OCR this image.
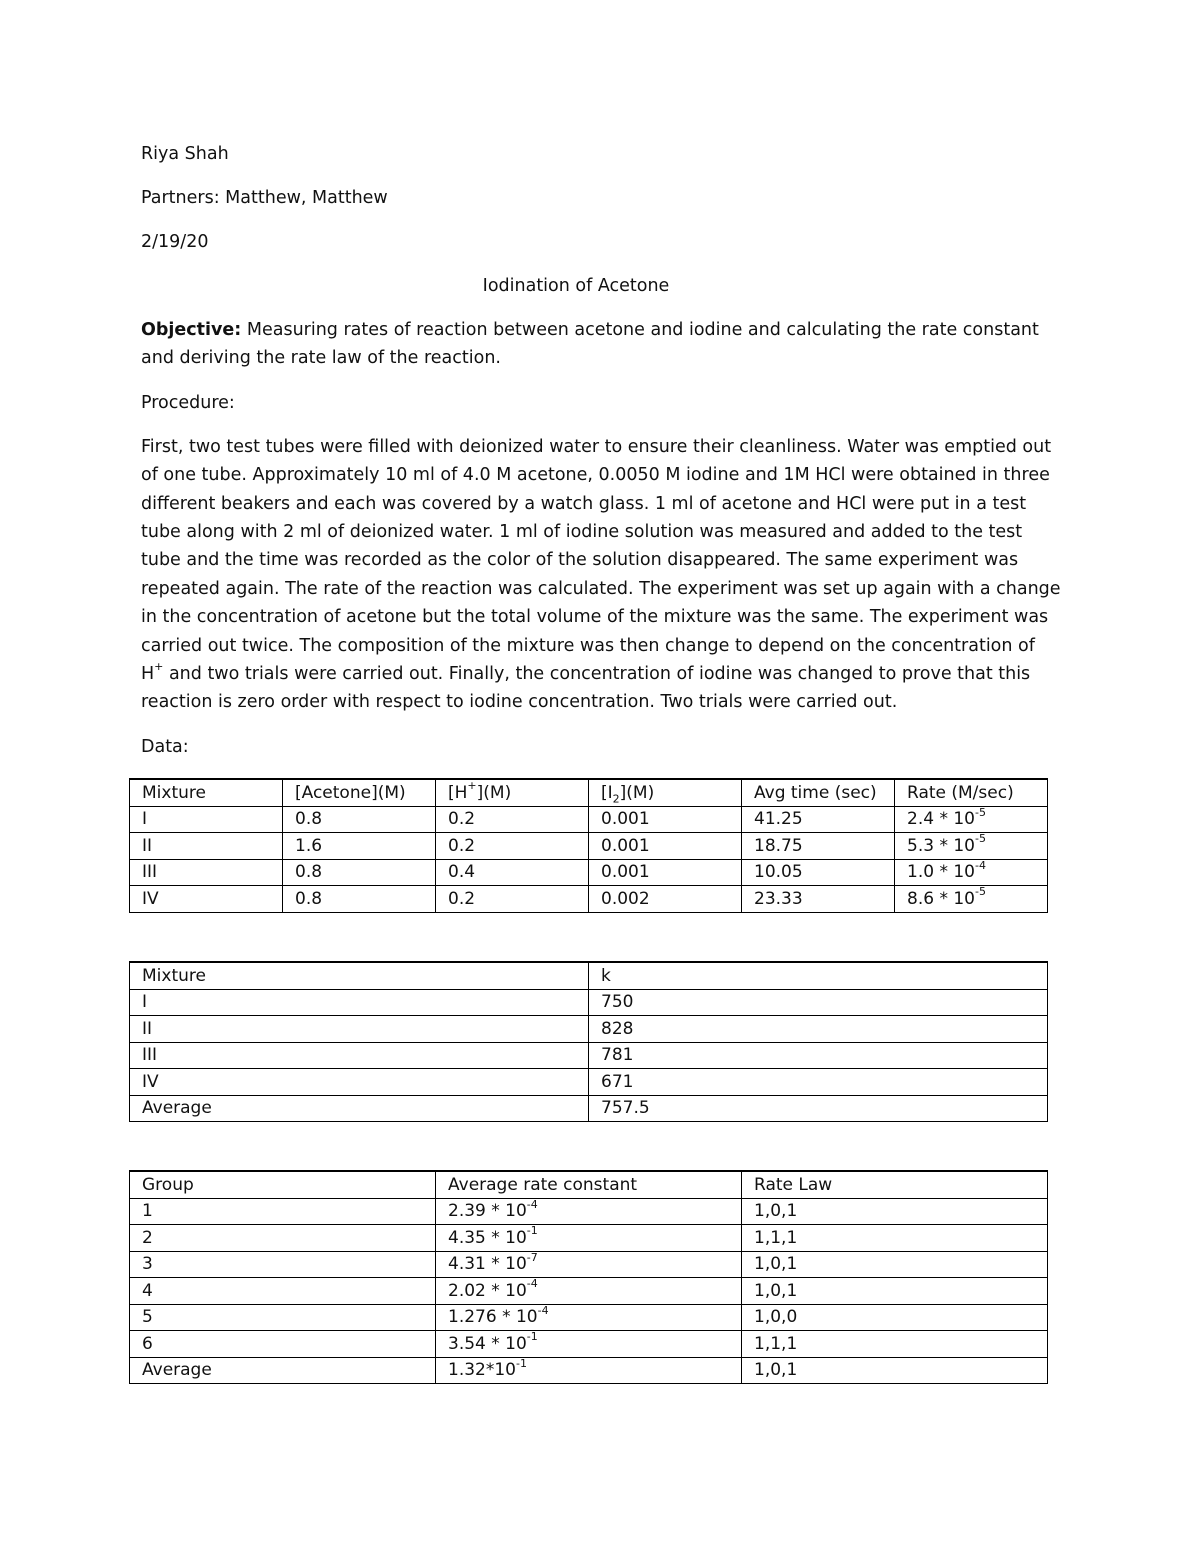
Riya Shah
Partners: Matthew, Matthew
2/19/20
Iodination of Acetone
Objective: Measuring rates of reaction between acetone and iodine and calculating the rate constant and deriving the rate law of the reaction.
Procedure:
First, two test tubes were filled with deionized water to ensure their cleanliness. Water was emptied out of one tube. Approximately 10 ml of 4.0 M acetone, 0.0050 M iodine and 1M HCl were obtained in three different beakers and each was covered by a watch glass. 1 ml of acetone and HCl were put in a test tube along with 2 ml of deionized water. 1 ml of iodine solution was measured and added to the test tube and the time was recorded as the color of the solution disappeared. The same experiment was repeated again. The rate of the reaction was calculated. The experiment was set up again with a change in the concentration of acetone but the total volume of the mixture was the same. The experiment was carried out twice. The composition of the mixture was then change to depend on the concentration of H+ and two trials were carried out. Finally, the concentration of iodine was changed to prove that this reaction is zero order with respect to iodine concentration. Two trials were carried out.
Data:
Mixture	[Acetone](M)	[H+](M)	$[I_2](M)$	Avg time (sec)	Rate (M/sec)
I	0.8	0.2	0.001	41.25	$2.4 * 10^{-5}$
II	1.6	0.2	0.001	18.75	$5.3 * 10^{-5}$
III	0.8	0.4	0.001	10.05	$1.0 * 10^{-4}$
IV	0.8	0.2	0.002	23.33	$8.6 * 10^{-5}$
Mixture	k
I	750
II	828
III	781
IV	671
Average	757.5
Group	Average rate constant	Rate Law
1	$2.39 * 10^{-4}$	1,0,1
2	$4.35 * 10^{-1}$	1,1,1
3	$4.31 * 10^{-7}$	1,0,1
4	$2.02 * 10^{-4}$	1,0,1
5	$1.276 * 10^{-4}$	1,0,0
6	$3.54 * 10^{-1}$	1,1,1
Average	$1.32*10^{-1}$	1,0,1
